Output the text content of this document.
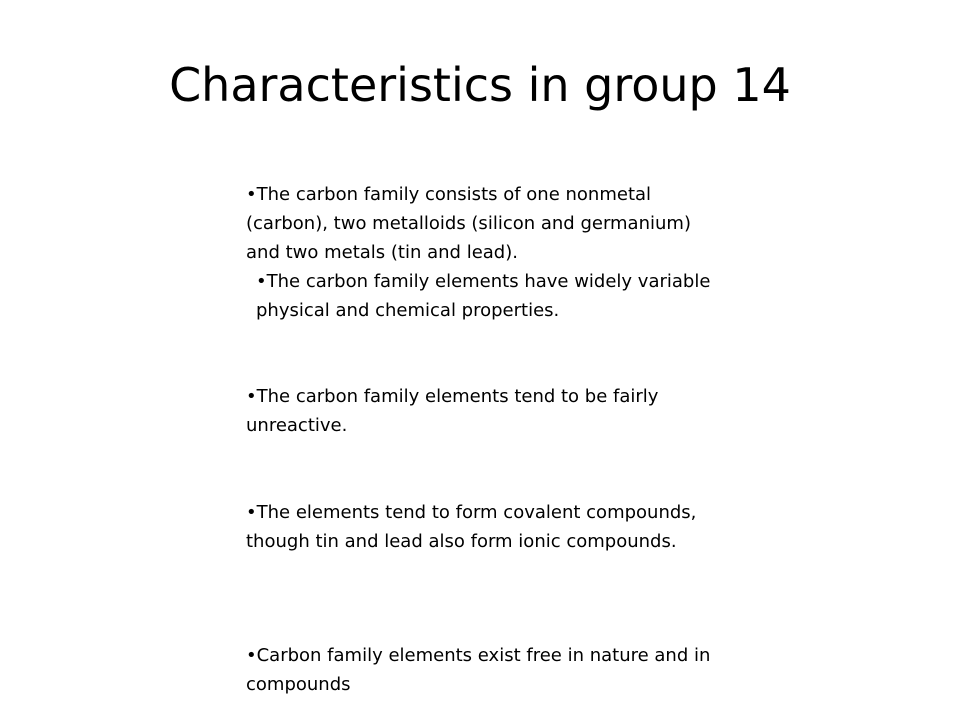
Characteristics in group 14
•The carbon family consists of one nonmetal (carbon), two metalloids (silicon and germanium) and two metals (tin and lead).
•The carbon family elements have widely variable physical and chemical properties.
•The carbon family elements tend to be fairly unreactive.
•The elements tend to form covalent compounds, though tin and lead also form ionic compounds.
•Carbon family elements exist free in nature and in compounds
